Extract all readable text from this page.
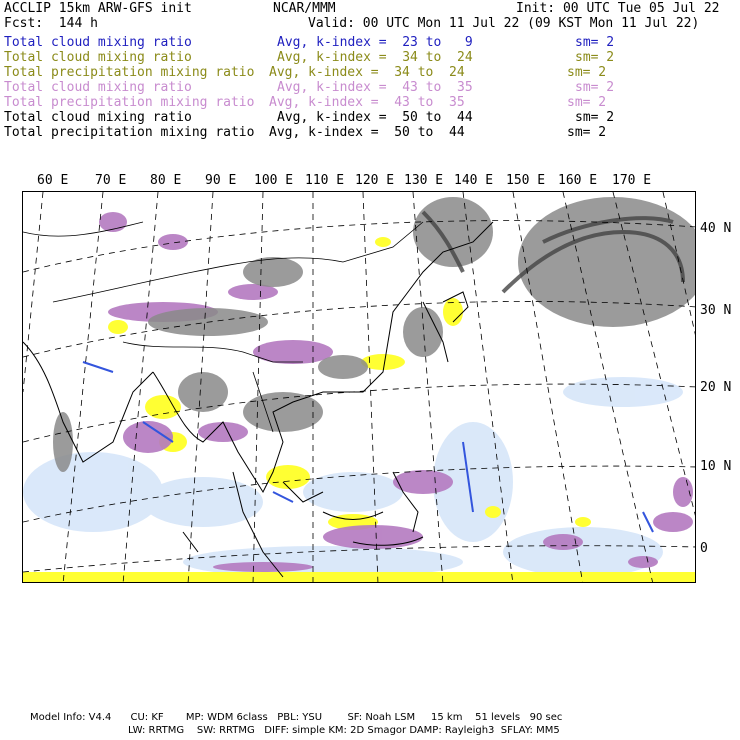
ACCLIP 15km ARW-GFS init	NCAR/MMM	Init: 00 UTC Tue 05 Jul 22
Fcst:  144 h	Valid: 00 UTC Mon 11 Jul 22 (09 KST Mon 11 Jul 22)
Total cloud mixing ratio	Avg, k-index =  23 to   9	sm= 2
Total cloud mixing ratio	Avg, k-index =  34 to  24	sm= 2
Total precipitation mixing ratio Avg, k-index =  34 to  24	sm= 2
Total cloud mixing ratio	Avg, k-index =  43 to  35	sm= 2
Total precipitation mixing ratio Avg, k-index =  43 to  35	sm= 2
Total cloud mixing ratio	Avg, k-index =  50 to  44	sm= 2
Total precipitation mixing ratio Avg, k-index =  50 to  44	sm= 2
60 E 70 E 80 E 90 E 100 E 110 E 120 E 130 E 140 E 150 E 160 E 170 E
40 N
30 N
20 N
10 N
0
Model Info: V4.4      CU: KF       MP: WDM 6class   PBL: YSU        SF: Noah LSM     15 km    51 levels   90 sec
LW: RRTMG    SW: RRTMG   DIFF: simple KM: 2D Smagor DAMP: Rayleigh3  SFLAY: MM5
